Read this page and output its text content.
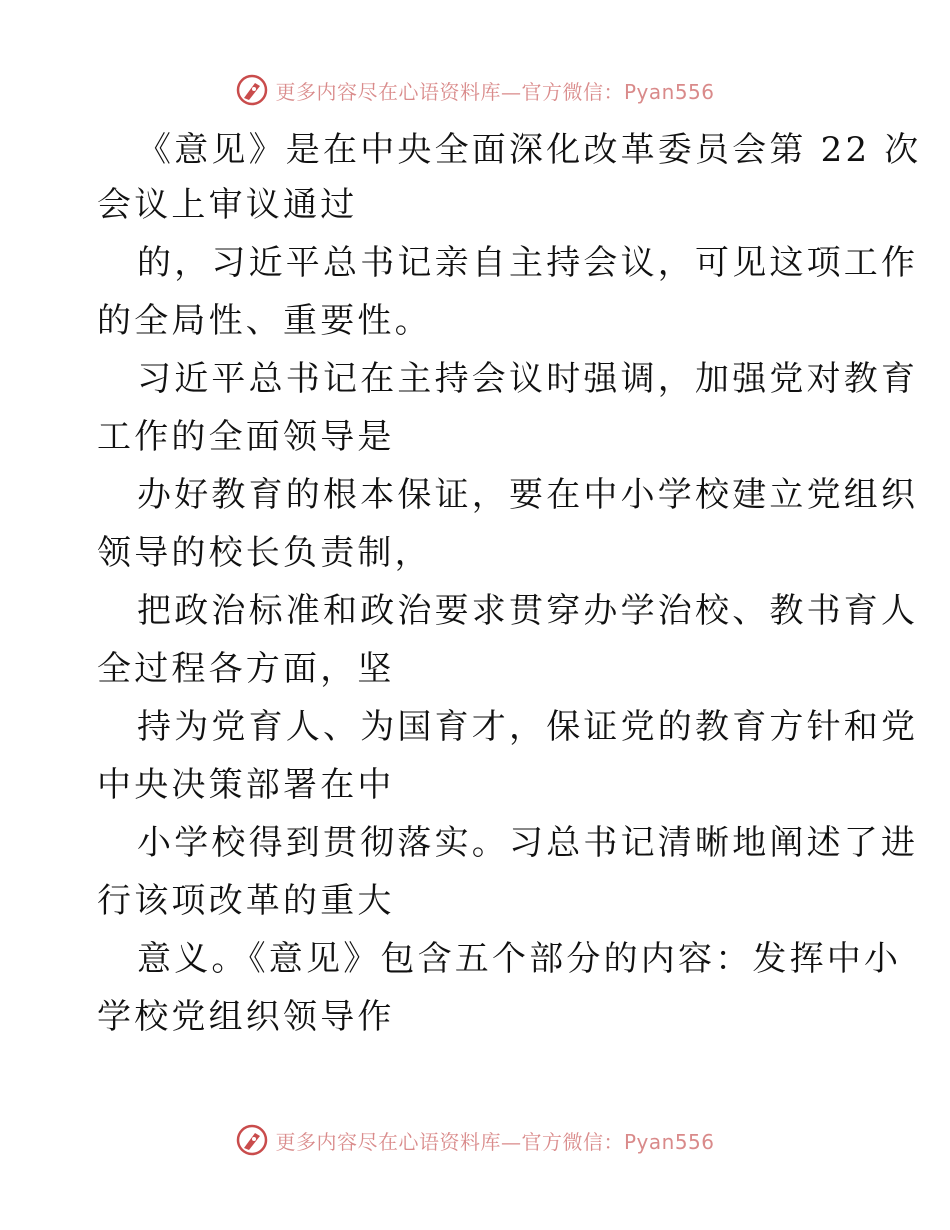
更多内容尽在心语资料库—官方微信：Pyan556
《意见》是在中央全面深化改革委员会第 22 次
会议上审议通过
的，习近平总书记亲自主持会议，可见这项工作
的全局性、重要性。
习近平总书记在主持会议时强调，加强党对教育
工作的全面领导是
办好教育的根本保证，要在中小学校建立党组织
领导的校长负责制，
把政治标准和政治要求贯穿办学治校、教书育人
全过程各方面，坚
持为党育人、为国育才，保证党的教育方针和党
中央决策部署在中
小学校得到贯彻落实。习总书记清晰地阐述了进
行该项改革的重大
意义。《意见》包含五个部分的内容：发挥中小
学校党组织领导作
更多内容尽在心语资料库—官方微信：Pyan556
